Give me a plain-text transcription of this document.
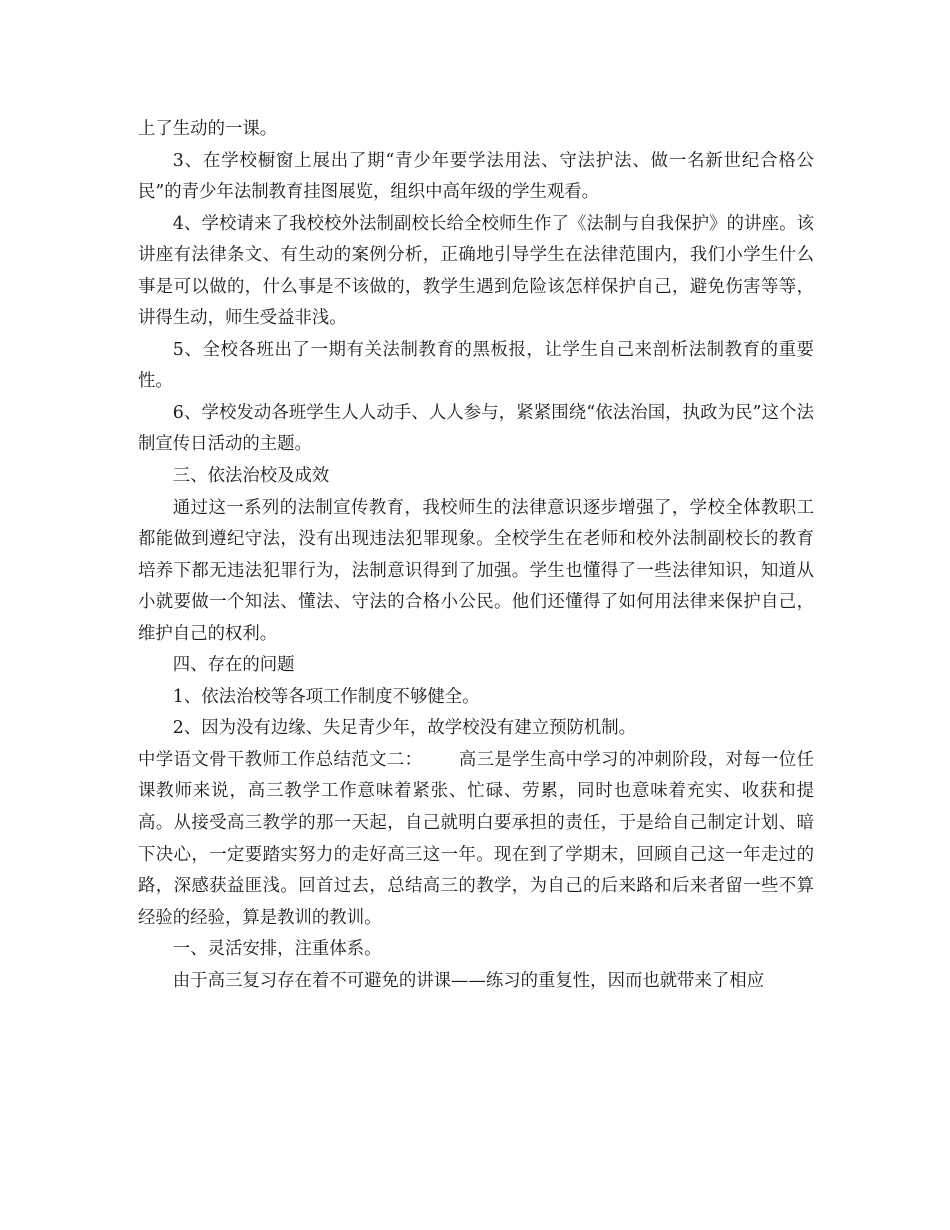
上了生动的一课。

3、在学校橱窗上展出了期“青少年要学法用法、守法护法、做一名新世纪合格公民”的青少年法制教育挂图展览，组织中高年级的学生观看。

4、学校请来了我校校外法制副校长给全校师生作了《法制与自我保护》的讲座。该讲座有法律条文、有生动的案例分析，正确地引导学生在法律范围内，我们小学生什么事是可以做的，什么事是不该做的，教学生遇到危险该怎样保护自己，避免伤害等等，讲得生动，师生受益非浅。

5、全校各班出了一期有关法制教育的黑板报，让学生自己来剖析法制教育的重要性。

6、学校发动各班学生人人动手、人人参与，紧紧围绕“依法治国，执政为民”这个法制宣传日活动的主题。

三、依法治校及成效

通过这一系列的法制宣传教育，我校师生的法律意识逐步增强了，学校全体教职工都能做到遵纪守法，没有出现违法犯罪现象。全校学生在老师和校外法制副校长的教育培养下都无违法犯罪行为，法制意识得到了加强。学生也懂得了一些法律知识，知道从小就要做一个知法、懂法、守法的合格小公民。他们还懂得了如何用法律来保护自己，维护自己的权利。

四、存在的问题

1、依法治校等各项工作制度不够健全。

2、因为没有边缘、失足青少年，故学校没有建立预防机制。

中学语文骨干教师工作总结范文二： 高三是学生高中学习的冲刺阶段，对每一位任课教师来说，高三教学工作意味着紧张、忙碌、劳累，同时也意味着充实、收获和提高。从接受高三教学的那一天起，自己就明白要承担的责任，于是给自己制定计划、暗下决心，一定要踏实努力的走好高三这一年。现在到了学期末，回顾自己这一年走过的路，深感获益匪浅。回首过去，总结高三的教学，为自己的后来路和后来者留一些不算经验的经验，算是教训的教训。

一、灵活安排，注重体系。

由于高三复习存在着不可避免的讲课——练习的重复性，因而也就带来了相应
